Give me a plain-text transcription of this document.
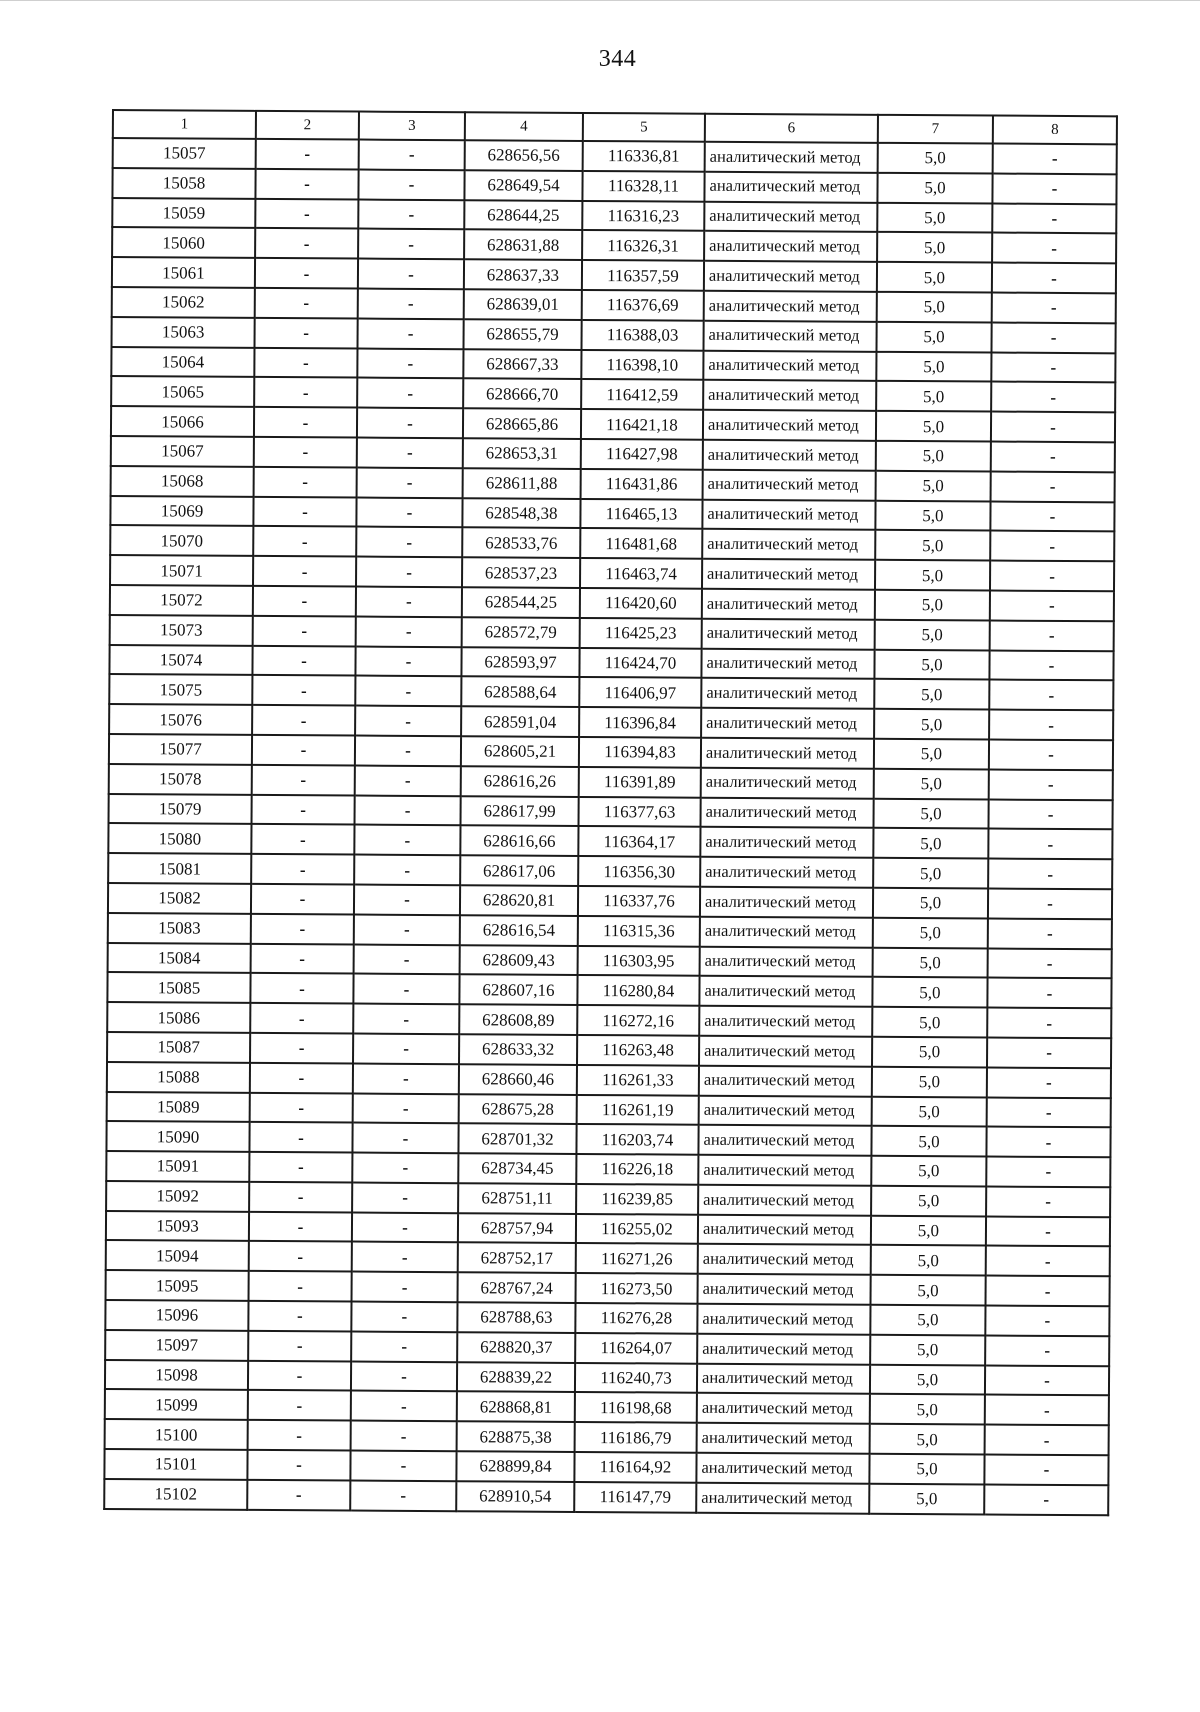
344
1	2	3	4	5	6	7	8
15057	-	-	628656,56	116336,81	аналитический метод	5,0	-
15058	-	-	628649,54	116328,11	аналитический метод	5,0	-
15059	-	-	628644,25	116316,23	аналитический метод	5,0	-
15060	-	-	628631,88	116326,31	аналитический метод	5,0	-
15061	-	-	628637,33	116357,59	аналитический метод	5,0	-
15062	-	-	628639,01	116376,69	аналитический метод	5,0	-
15063	-	-	628655,79	116388,03	аналитический метод	5,0	-
15064	-	-	628667,33	116398,10	аналитический метод	5,0	-
15065	-	-	628666,70	116412,59	аналитический метод	5,0	-
15066	-	-	628665,86	116421,18	аналитический метод	5,0	-
15067	-	-	628653,31	116427,98	аналитический метод	5,0	-
15068	-	-	628611,88	116431,86	аналитический метод	5,0	-
15069	-	-	628548,38	116465,13	аналитический метод	5,0	-
15070	-	-	628533,76	116481,68	аналитический метод	5,0	-
15071	-	-	628537,23	116463,74	аналитический метод	5,0	-
15072	-	-	628544,25	116420,60	аналитический метод	5,0	-
15073	-	-	628572,79	116425,23	аналитический метод	5,0	-
15074	-	-	628593,97	116424,70	аналитический метод	5,0	-
15075	-	-	628588,64	116406,97	аналитический метод	5,0	-
15076	-	-	628591,04	116396,84	аналитический метод	5,0	-
15077	-	-	628605,21	116394,83	аналитический метод	5,0	-
15078	-	-	628616,26	116391,89	аналитический метод	5,0	-
15079	-	-	628617,99	116377,63	аналитический метод	5,0	-
15080	-	-	628616,66	116364,17	аналитический метод	5,0	-
15081	-	-	628617,06	116356,30	аналитический метод	5,0	-
15082	-	-	628620,81	116337,76	аналитический метод	5,0	-
15083	-	-	628616,54	116315,36	аналитический метод	5,0	-
15084	-	-	628609,43	116303,95	аналитический метод	5,0	-
15085	-	-	628607,16	116280,84	аналитический метод	5,0	-
15086	-	-	628608,89	116272,16	аналитический метод	5,0	-
15087	-	-	628633,32	116263,48	аналитический метод	5,0	-
15088	-	-	628660,46	116261,33	аналитический метод	5,0	-
15089	-	-	628675,28	116261,19	аналитический метод	5,0	-
15090	-	-	628701,32	116203,74	аналитический метод	5,0	-
15091	-	-	628734,45	116226,18	аналитический метод	5,0	-
15092	-	-	628751,11	116239,85	аналитический метод	5,0	-
15093	-	-	628757,94	116255,02	аналитический метод	5,0	-
15094	-	-	628752,17	116271,26	аналитический метод	5,0	-
15095	-	-	628767,24	116273,50	аналитический метод	5,0	-
15096	-	-	628788,63	116276,28	аналитический метод	5,0	-
15097	-	-	628820,37	116264,07	аналитический метод	5,0	-
15098	-	-	628839,22	116240,73	аналитический метод	5,0	-
15099	-	-	628868,81	116198,68	аналитический метод	5,0	-
15100	-	-	628875,38	116186,79	аналитический метод	5,0	-
15101	-	-	628899,84	116164,92	аналитический метод	5,0	-
15102	-	-	628910,54	116147,79	аналитический метод	5,0	-
